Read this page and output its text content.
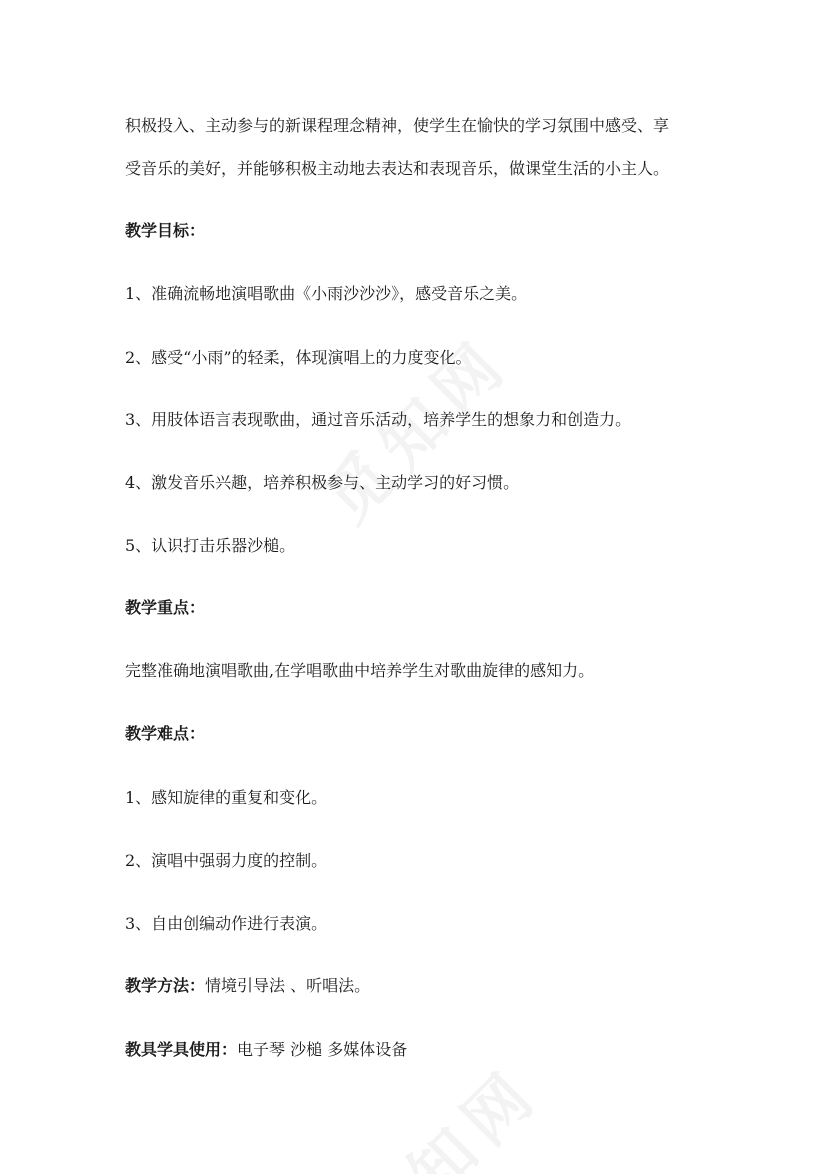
积极投入、主动参与的新课程理念精神，使学生在愉快的学习氛围中感受、享
受音乐的美好，并能够积极主动地去表达和表现音乐，做课堂生活的小主人。
教学目标：
1、准确流畅地演唱歌曲《小雨沙沙沙》，感受音乐之美。
2、感受“小雨”的轻柔，体现演唱上的力度变化。
3、用肢体语言表现歌曲，通过音乐活动，培养学生的想象力和创造力。
4、激发音乐兴趣，培养积极参与、主动学习的好习惯。
5、认识打击乐器沙槌。
教学重点：
完整准确地演唱歌曲,在学唱歌曲中培养学生对歌曲旋律的感知力。
教学难点：
1、感知旋律的重复和变化。
2、演唱中强弱力度的控制。
3、自由创编动作进行表演。
教学方法：情境引导法 、听唱法。
教具学具使用：电子琴 沙槌 多媒体设备
